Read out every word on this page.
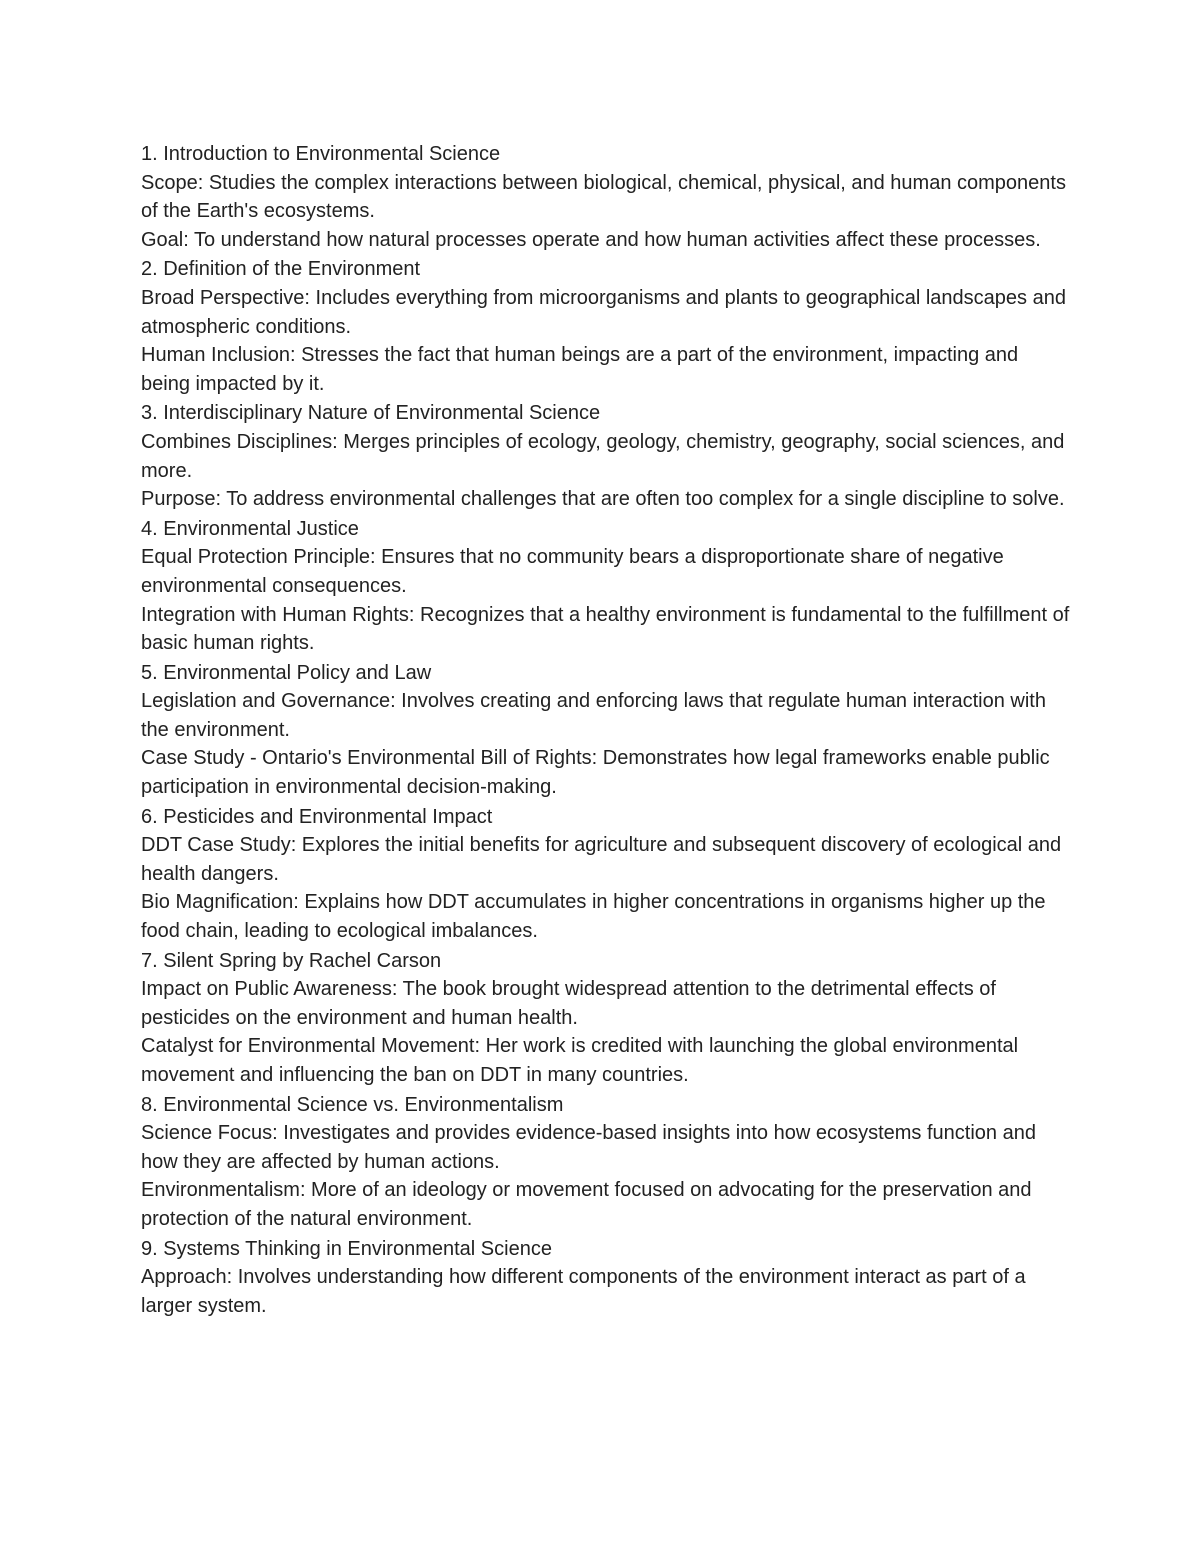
1. Introduction to Environmental Science

Scope: Studies the complex interactions between biological, chemical, physical, and human components of the Earth's ecosystems.

Goal: To understand how natural processes operate and how human activities affect these processes.

2. Definition of the Environment

Broad Perspective: Includes everything from microorganisms and plants to geographical landscapes and atmospheric conditions.

Human Inclusion: Stresses the fact that human beings are a part of the environment, impacting and being impacted by it.

3. Interdisciplinary Nature of Environmental Science

Combines Disciplines: Merges principles of ecology, geology, chemistry, geography, social sciences, and more.

Purpose: To address environmental challenges that are often too complex for a single discipline to solve.

4. Environmental Justice

Equal Protection Principle: Ensures that no community bears a disproportionate share of negative environmental consequences.

Integration with Human Rights: Recognizes that a healthy environment is fundamental to the fulfillment of basic human rights.

5. Environmental Policy and Law

Legislation and Governance: Involves creating and enforcing laws that regulate human interaction with the environment.

Case Study - Ontario's Environmental Bill of Rights: Demonstrates how legal frameworks enable public participation in environmental decision-making.

6. Pesticides and Environmental Impact

DDT Case Study: Explores the initial benefits for agriculture and subsequent discovery of ecological and health dangers.

Bio Magnification: Explains how DDT accumulates in higher concentrations in organisms higher up the food chain, leading to ecological imbalances.

7. Silent Spring by Rachel Carson

Impact on Public Awareness: The book brought widespread attention to the detrimental effects of pesticides on the environment and human health.

Catalyst for Environmental Movement: Her work is credited with launching the global environmental movement and influencing the ban on DDT in many countries.

8. Environmental Science vs. Environmentalism

Science Focus: Investigates and provides evidence-based insights into how ecosystems function and how they are affected by human actions.

Environmentalism: More of an ideology or movement focused on advocating for the preservation and protection of the natural environment.

9. Systems Thinking in Environmental Science

Approach: Involves understanding how different components of the environment interact as part of a larger system.
